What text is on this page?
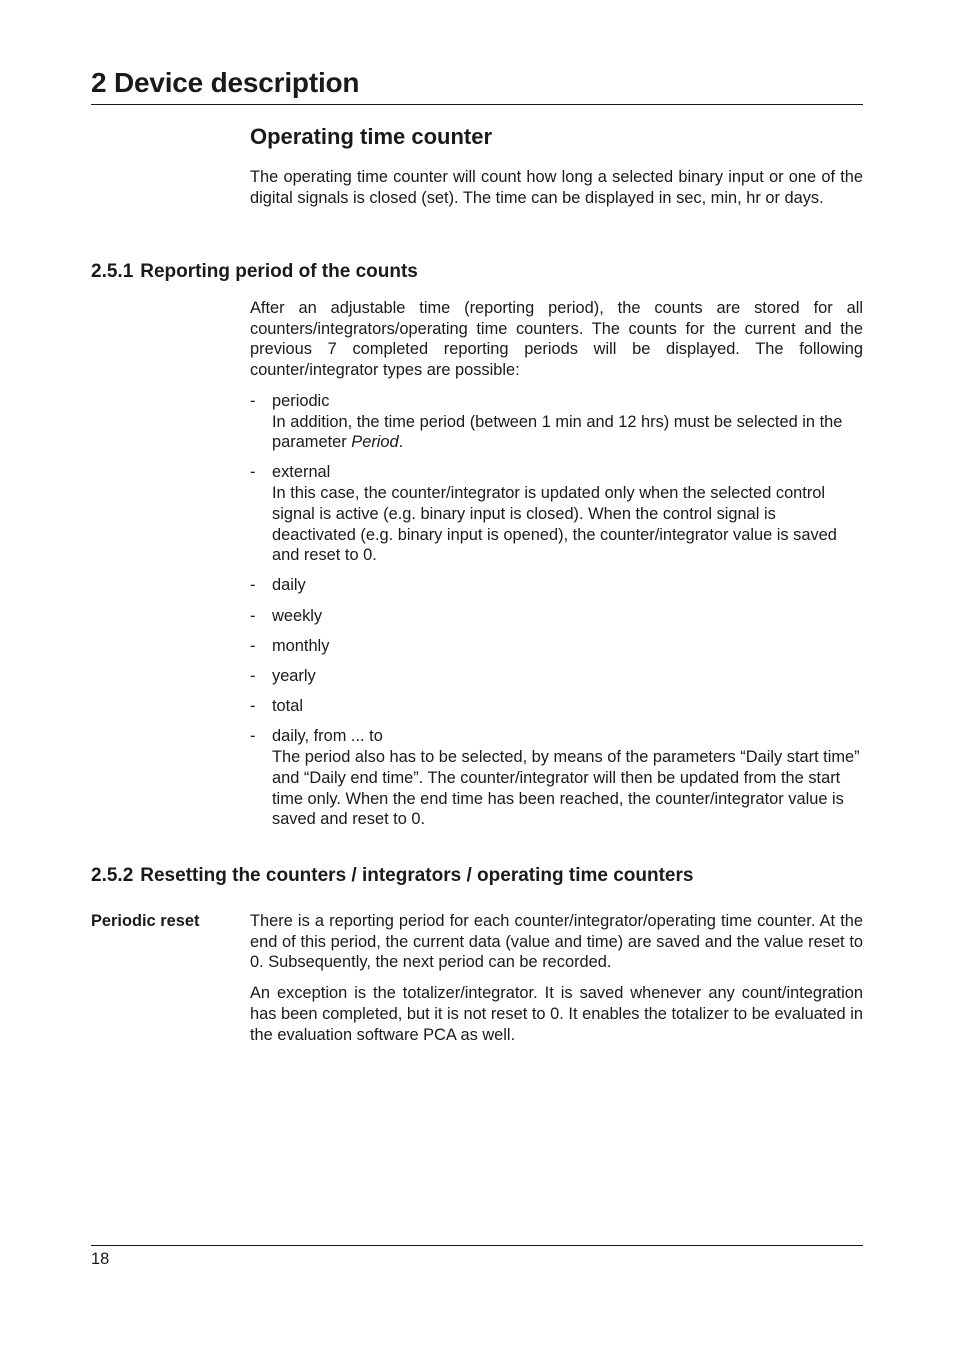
2 Device description
Operating time counter

The operating time counter will count how long a selected binary input or one of the digital signals is closed (set). The time can be displayed in sec, min, hr or days.

2.5.1 Reporting period of the counts

After an adjustable time (reporting period), the counts are stored for all counters/integrators/operating time counters. The counts for the current and the previous 7 completed reporting periods will be displayed. The following counter/integrator types are possible:

- periodic
In addition, the time period (between 1 min and 12 hrs) must be selected in the parameter Period.
- external
In this case, the counter/integrator is updated only when the selected control signal is active (e.g. binary input is closed). When the control signal is deactivated (e.g. binary input is opened), the counter/integrator value is saved and reset to 0.
- daily
- weekly
- monthly
- yearly
- total
- daily, from ... to
The period also has to be selected, by means of the parameters “Daily start time” and “Daily end time”. The counter/integrator will then be updated from the start time only. When the end time has been reached, the counter/integrator value is saved and reset to 0.
2.5.2 Resetting the counters / integrators / operating time counters
Periodic reset	There is a reporting period for each counter/integrator/operating time counter. At the end of this period, the current data (value and time) are saved and the value reset to 0. Subsequently, the next period can be recorded.

An exception is the totalizer/integrator. It is saved whenever any count/integration has been completed, but it is not reset to 0. It enables the totalizer to be evaluated in the evaluation software PCA as well.

18
